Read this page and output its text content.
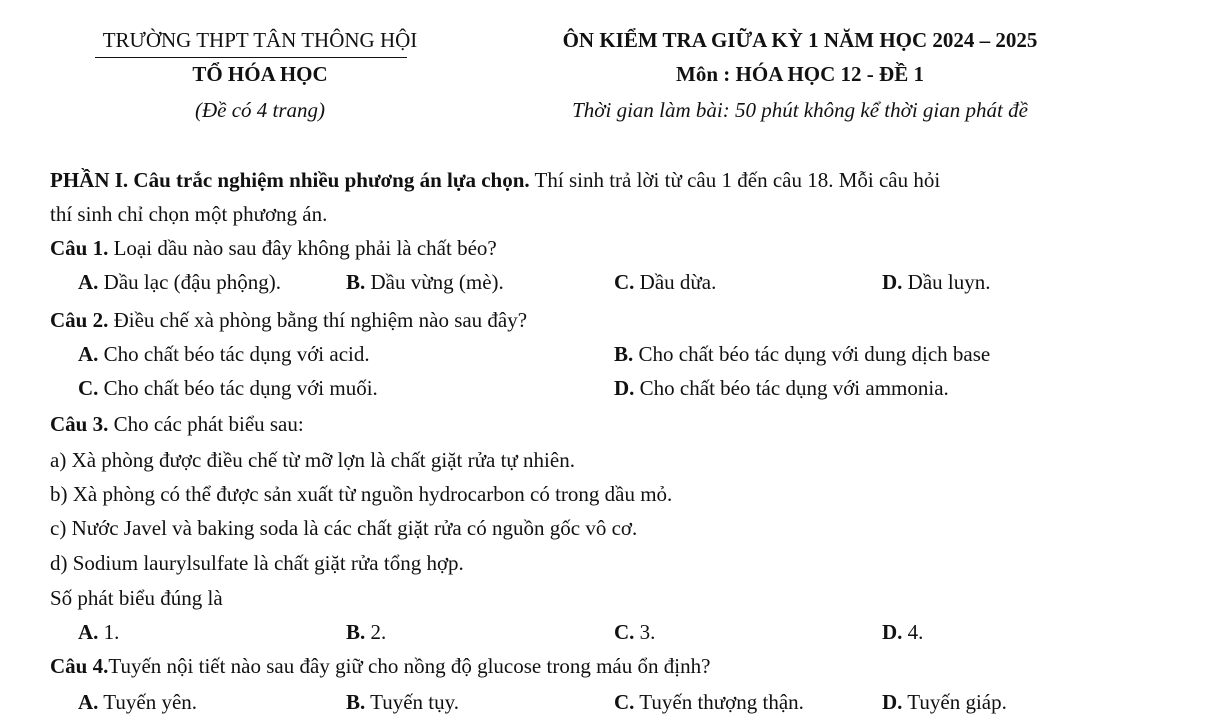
TRƯỜNG THPT TÂN THÔNG HỘI
TỔ HÓA HỌC
(Đề có 4 trang)
ÔN KIỂM TRA GIỮA KỲ 1 NĂM HỌC 2024 – 2025
Môn : HÓA HỌC 12 - ĐỀ 1
Thời gian làm bài: 50 phút không kể thời gian phát đề
PHẦN I. Câu trắc nghiệm nhiều phương án lựa chọn. Thí sinh trả lời từ câu 1 đến câu 18. Mỗi câu hỏi
thí sinh chỉ chọn một phương án.
Câu 1. Loại dầu nào sau đây không phải là chất béo?
A. Dầu lạc (đậu phộng).	B. Dầu vừng (mè).	C. Dầu dừa.	D. Dầu luyn.
Câu 2. Điều chế xà phòng bằng thí nghiệm nào sau đây?
A. Cho chất béo tác dụng với acid.	B. Cho chất béo tác dụng với dung dịch base
C. Cho chất béo tác dụng với muối.	D. Cho chất béo tác dụng với ammonia.
Câu 3. Cho các phát biểu sau:
a) Xà phòng được điều chế từ mỡ lợn là chất giặt rửa tự nhiên.
b) Xà phòng có thể được sản xuất từ nguồn hydrocarbon có trong dầu mỏ.
c) Nước Javel và baking soda là các chất giặt rửa có nguồn gốc vô cơ.
d) Sodium laurylsulfate là chất giặt rửa tổng hợp.
Số phát biểu đúng là
A. 1.	B. 2.	C. 3.	D. 4.
Câu 4.Tuyến nội tiết nào sau đây giữ cho nồng độ glucose trong máu ổn định?
A. Tuyến yên.	B. Tuyến tụy.	C. Tuyến thượng thận.	D. Tuyến giáp.
